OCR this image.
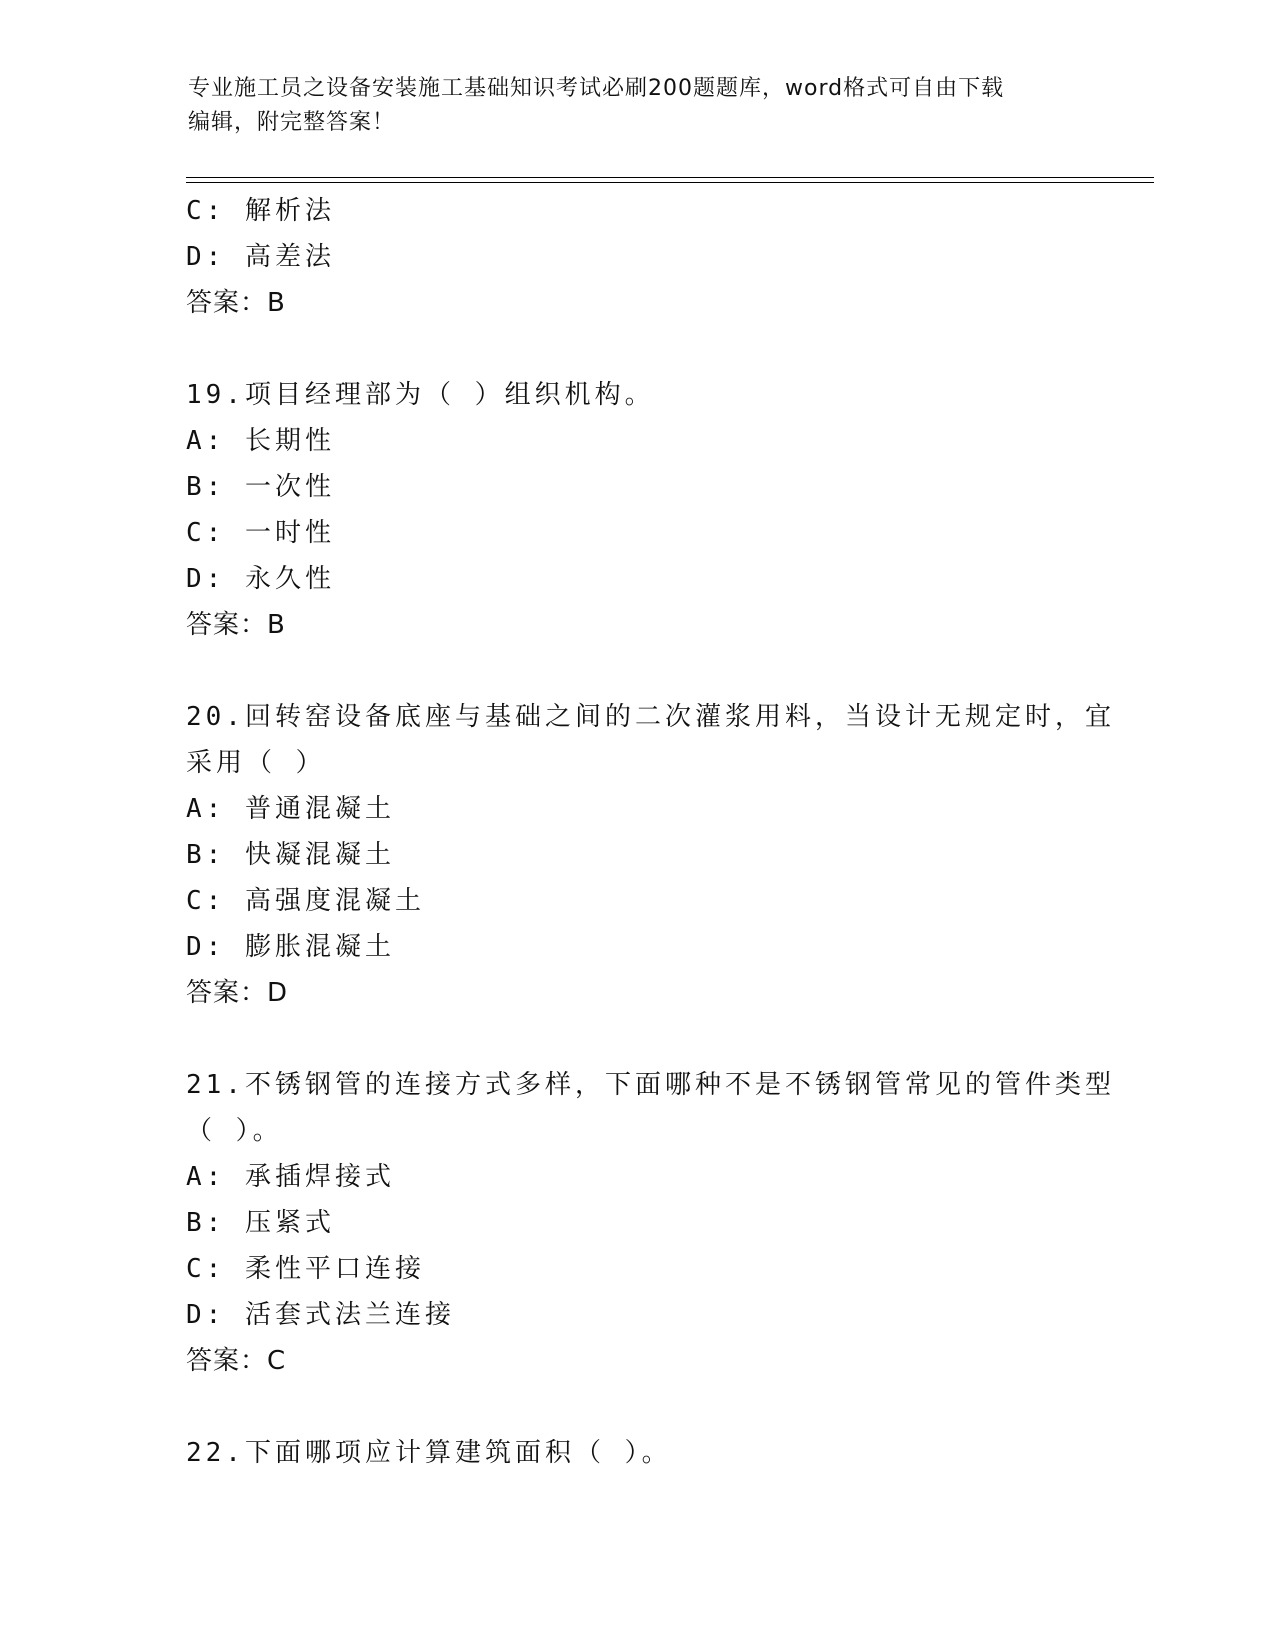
专业施工员之设备安装施工基础知识考试必刷200题题库，word格式可自由下载
编辑，附完整答案！
C: 解析法
D: 高差法
答案：B
19.项目经理部为（ ）组织机构。
A: 长期性
B: 一次性
C: 一时性
D: 永久性
答案：B
20.回转窑设备底座与基础之间的二次灌浆用料，当设计无规定时，宜
采用（ ）
A: 普通混凝土
B: 快凝混凝土
C: 高强度混凝土
D: 膨胀混凝土
答案：D
21.不锈钢管的连接方式多样，下面哪种不是不锈钢管常见的管件类型
（ ）。
A: 承插焊接式
B: 压紧式
C: 柔性平口连接
D: 活套式法兰连接
答案：C
22.下面哪项应计算建筑面积（ ）。
